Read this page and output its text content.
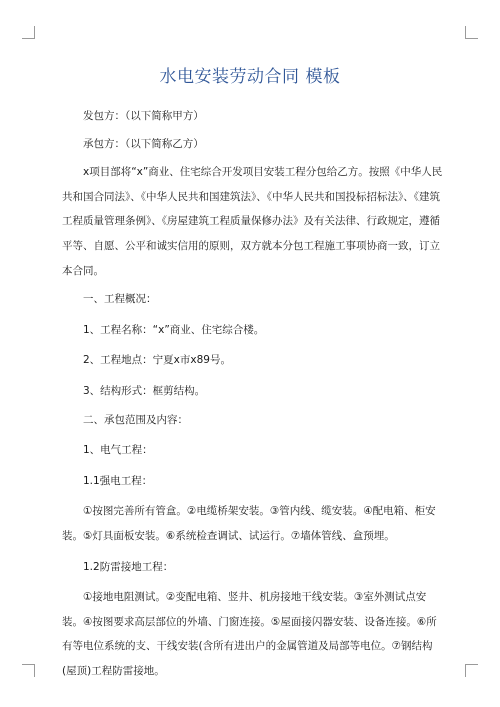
水电安装劳动合同 模板

发包方：（以下简称甲方）

承包方：（以下简称乙方）

x项目部将“x”商业、住宅综合开发项目安装工程分包给乙方。按照《中华人民共和国合同法》、《中华人民共和国建筑法》、《中华人民共和国投标招标法》、《建筑工程质量管理条例》、《房屋建筑工程质量保修办法》及有关法律、行政规定，遵循平等、自愿、公平和诚实信用的原则，双方就本分包工程施工事项协商一致，订立本合同。

一、工程概况：

1、工程名称：“x”商业、住宅综合楼。

2、工程地点：宁夏x市x89号。

3、结构形式：框剪结构。

二、承包范围及内容：

1、电气工程：

1.1强电工程：

①按图完善所有管盒。②电缆桥架安装。③管内线、缆安装。④配电箱、柜安装。⑤灯具面板安装。⑥系统检查调试、试运行。⑦墙体管线、盒预埋。

1.2防雷接地工程：

①接地电阻测试。②变配电箱、竖井、机房接地干线安装。③室外测试点安装。④按图要求高层部位的外墙、门窗连接。⑤屋面接闪器安装、设备连接。⑥所有等电位系统的支、干线安装(含所有进出户的金属管道及局部等电位。⑦钢结构(屋顶)工程防雷接地。
